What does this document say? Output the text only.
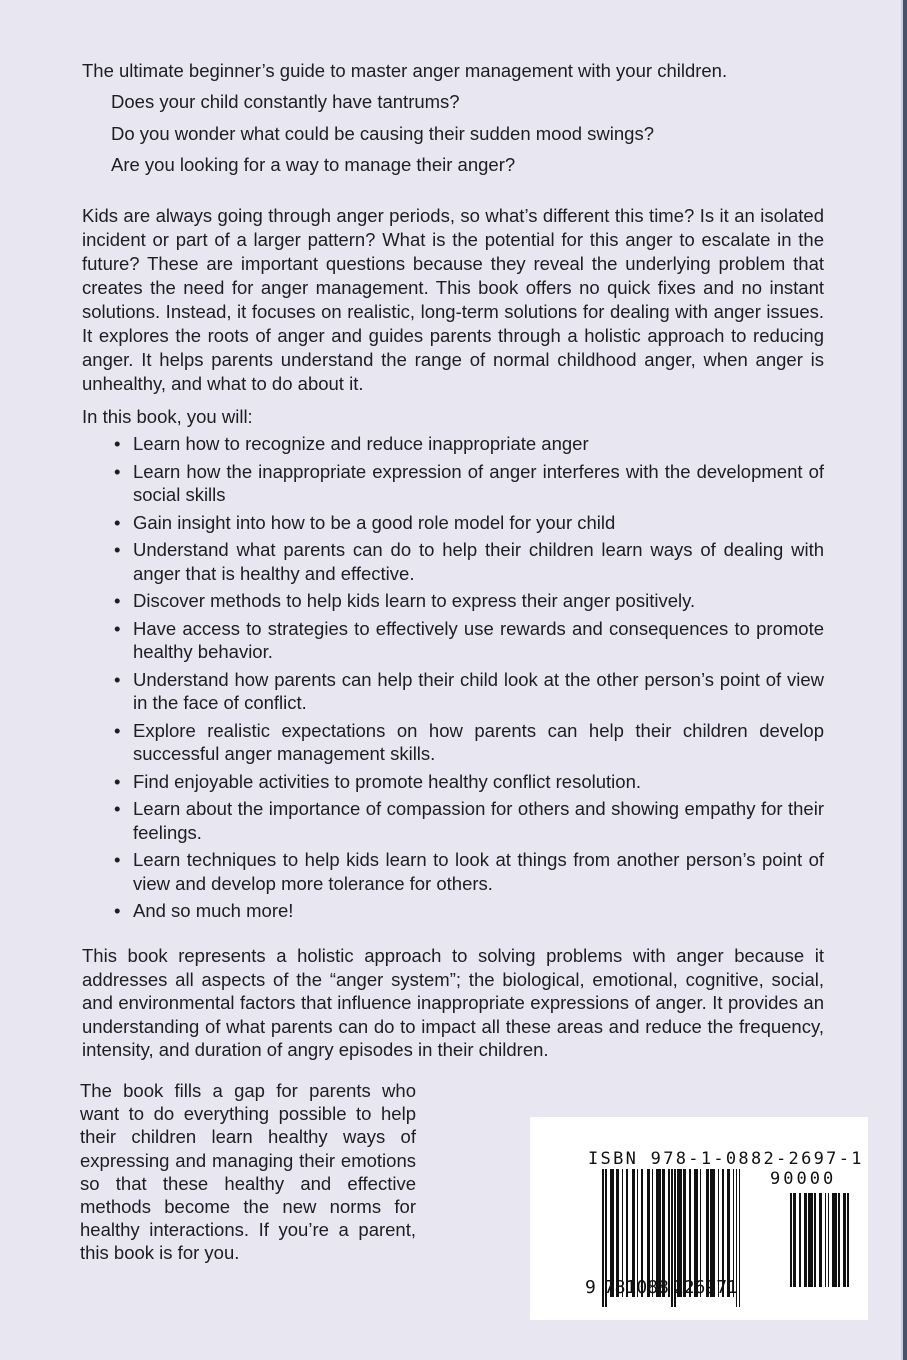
The ultimate beginner’s guide to master anger management with your children.
Does your child constantly have tantrums?
Do you wonder what could be causing their sudden mood swings?
Are you looking for a way to manage their anger?

Kids are always going through anger periods, so what’s different this time? Is it an isolated incident or part of a larger pattern? What is the potential for this anger to escalate in the future? These are important questions because they reveal the underlying problem that creates the need for anger management. This book offers no quick fixes and no instant solutions. Instead, it focuses on realistic, long-term solutions for dealing with anger issues. It explores the roots of anger and guides parents through a holistic approach to reducing anger. It helps parents understand the range of normal childhood anger, when anger is unhealthy, and what to do about it.

In this book, you will:
• Learn how to recognize and reduce inappropriate anger
• Learn how the inappropriate expression of anger interferes with the development of social skills
• Gain insight into how to be a good role model for your child
• Understand what parents can do to help their children learn ways of dealing with anger that is healthy and effective.
• Discover methods to help kids learn to express their anger positively.
• Have access to strategies to effectively use rewards and consequences to promote healthy behavior.
• Understand how parents can help their child look at the other person’s point of view in the face of conflict.
• Explore realistic expectations on how parents can help their children develop successful anger management skills.
• Find enjoyable activities to promote healthy conflict resolution.
• Learn about the importance of compassion for others and showing empathy for their feelings.
• Learn techniques to help kids learn to look at things from another person’s point of view and develop more tolerance for others.
• And so much more!

This book represents a holistic approach to solving problems with anger because it addresses all aspects of the “anger system”; the biological, emotional, cognitive, social, and environmental factors that influence inappropriate expressions of anger. It provides an understanding of what parents can do to impact all these areas and reduce the frequency, intensity, and duration of angry episodes in their children.

The book fills a gap for parents who want to do everything possible to help their children learn healthy ways of expressing and managing their emotions so that these healthy and effective methods become the new norms for healthy interactions. If you’re a parent, this book is for you.

ISBN 978-1-0882-2697-1
90000
9 781088 226971
